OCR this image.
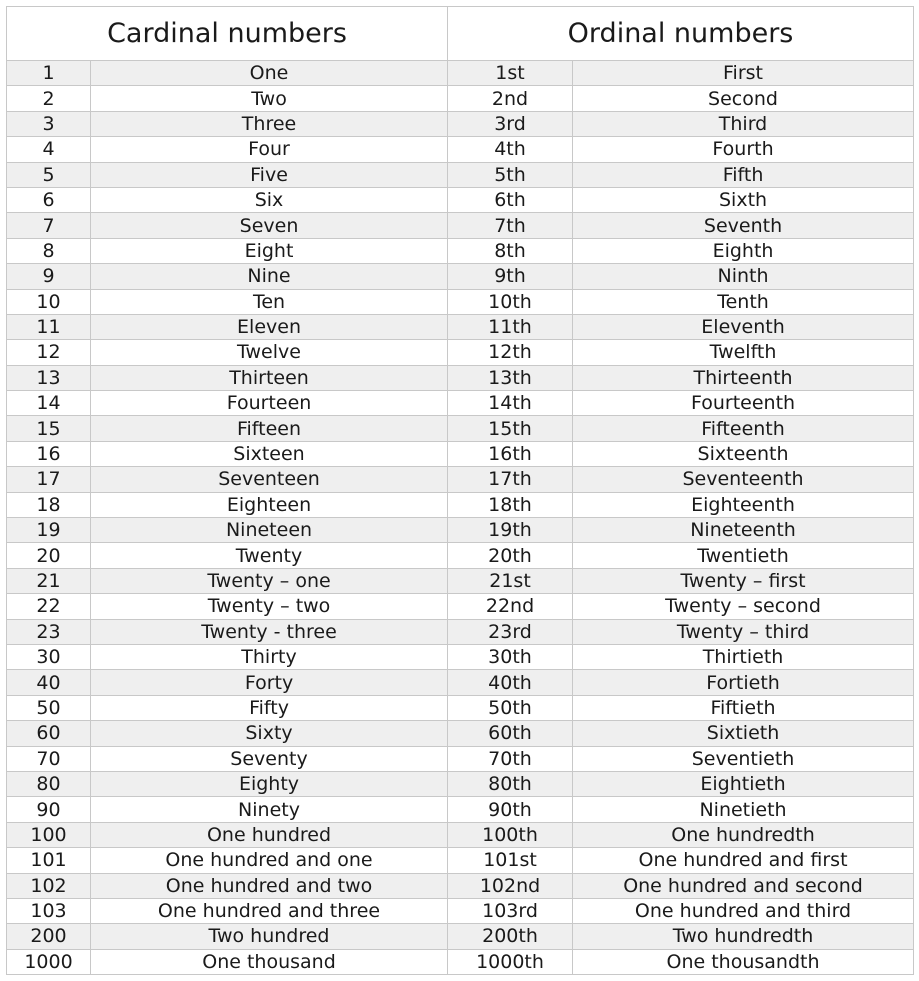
Cardinal numbers		Ordinal numbers	
1	One	1st	First
2	Two	2nd	Second
3	Three	3rd	Third
4	Four	4th	Fourth
5	Five	5th	Fifth
6	Six	6th	Sixth
7	Seven	7th	Seventh
8	Eight	8th	Eighth
9	Nine	9th	Ninth
10	Ten	10th	Tenth
11	Eleven	11th	Eleventh
12	Twelve	12th	Twelfth
13	Thirteen	13th	Thirteenth
14	Fourteen	14th	Fourteenth
15	Fifteen	15th	Fifteenth
16	Sixteen	16th	Sixteenth
17	Seventeen	17th	Seventeenth
18	Eighteen	18th	Eighteenth
19	Nineteen	19th	Nineteenth
20	Twenty	20th	Twentieth
21	Twenty – one	21st	Twenty – first
22	Twenty – two	22nd	Twenty – second
23	Twenty - three	23rd	Twenty – third
30	Thirty	30th	Thirtieth
40	Forty	40th	Fortieth
50	Fifty	50th	Fiftieth
60	Sixty	60th	Sixtieth
70	Seventy	70th	Seventieth
80	Eighty	80th	Eightieth
90	Ninety	90th	Ninetieth
100	One hundred	100th	One hundredth
101	One hundred and one	101st	One hundred and first
102	One hundred and two	102nd	One hundred and second
103	One hundred and three	103rd	One hundred and third
200	Two hundred	200th	Two hundredth
1000	One thousand	1000th	One thousandth
